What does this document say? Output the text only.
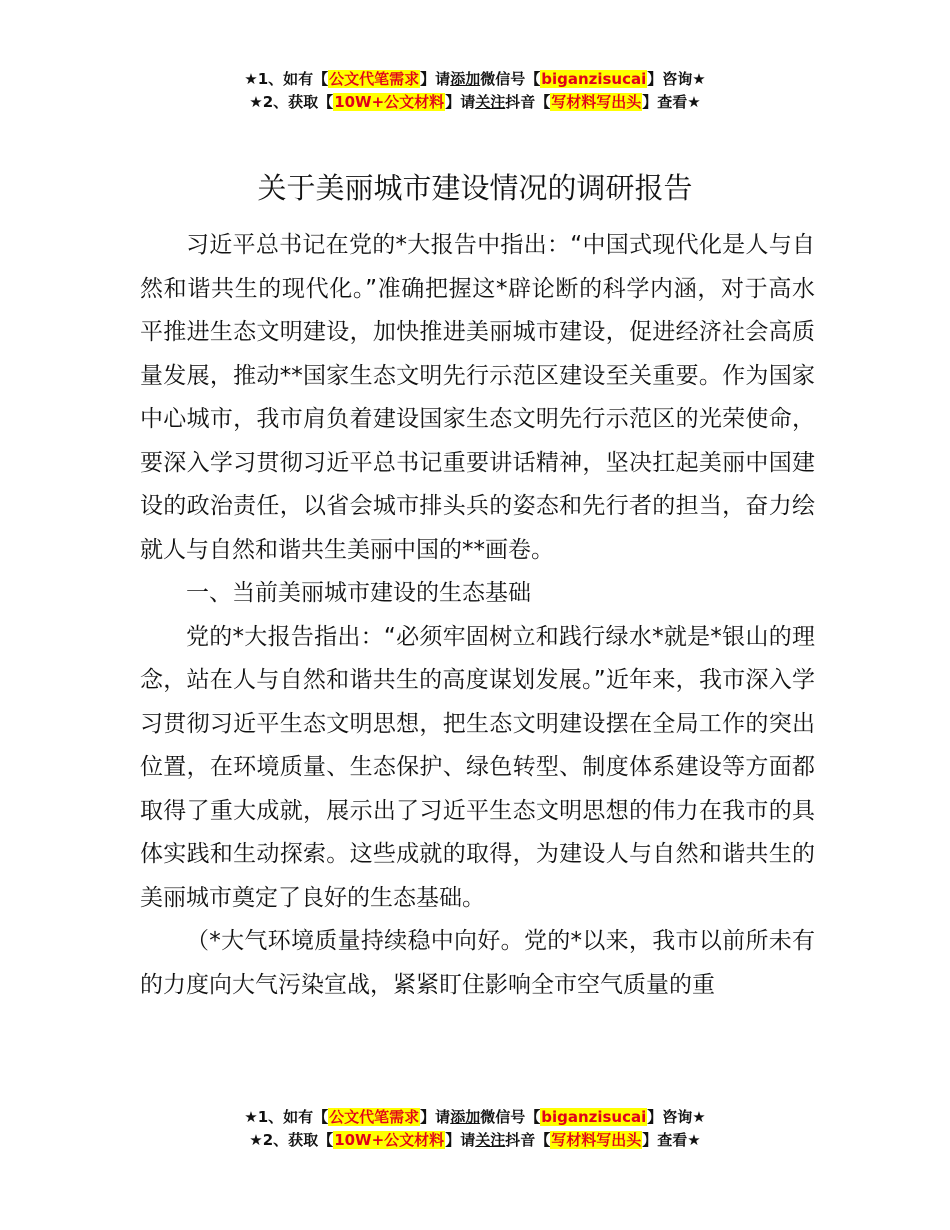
★1、如有【公文代笔需求】请添加微信号【biganzisucai】咨询★
★2、获取【10W+公文材料】请关注抖音【写材料写出头】查看★
关于美丽城市建设情况的调研报告

习近平总书记在党的*大报告中指出：“中国式现代化是人与自然和谐共生的现代化。”准确把握这*辟论断的科学内涵，对于高水平推进生态文明建设，加快推进美丽城市建设，促进经济社会高质量发展，推动**国家生态文明先行示范区建设至关重要。作为国家中心城市，我市肩负着建设国家生态文明先行示范区的光荣使命，要深入学习贯彻习近平总书记重要讲话精神，坚决扛起美丽中国建设的政治责任，以省会城市排头兵的姿态和先行者的担当，奋力绘就人与自然和谐共生美丽中国的**画卷。

一、当前美丽城市建设的生态基础

党的*大报告指出：“必须牢固树立和践行绿水*就是*银山的理念，站在人与自然和谐共生的高度谋划发展。”近年来，我市深入学习贯彻习近平生态文明思想，把生态文明建设摆在全局工作的突出位置，在环境质量、生态保护、绿色转型、制度体系建设等方面都取得了重大成就，展示出了习近平生态文明思想的伟力在我市的具体实践和生动探索。这些成就的取得，为建设人与自然和谐共生的美丽城市奠定了良好的生态基础。

（*大气环境质量持续稳中向好。党的*以来，我市以前所未有的力度向大气污染宣战，紧紧盯住影响全市空气质量的重

★1、如有【公文代笔需求】请添加微信号【biganzisucai】咨询★
★2、获取【10W+公文材料】请关注抖音【写材料写出头】查看★
